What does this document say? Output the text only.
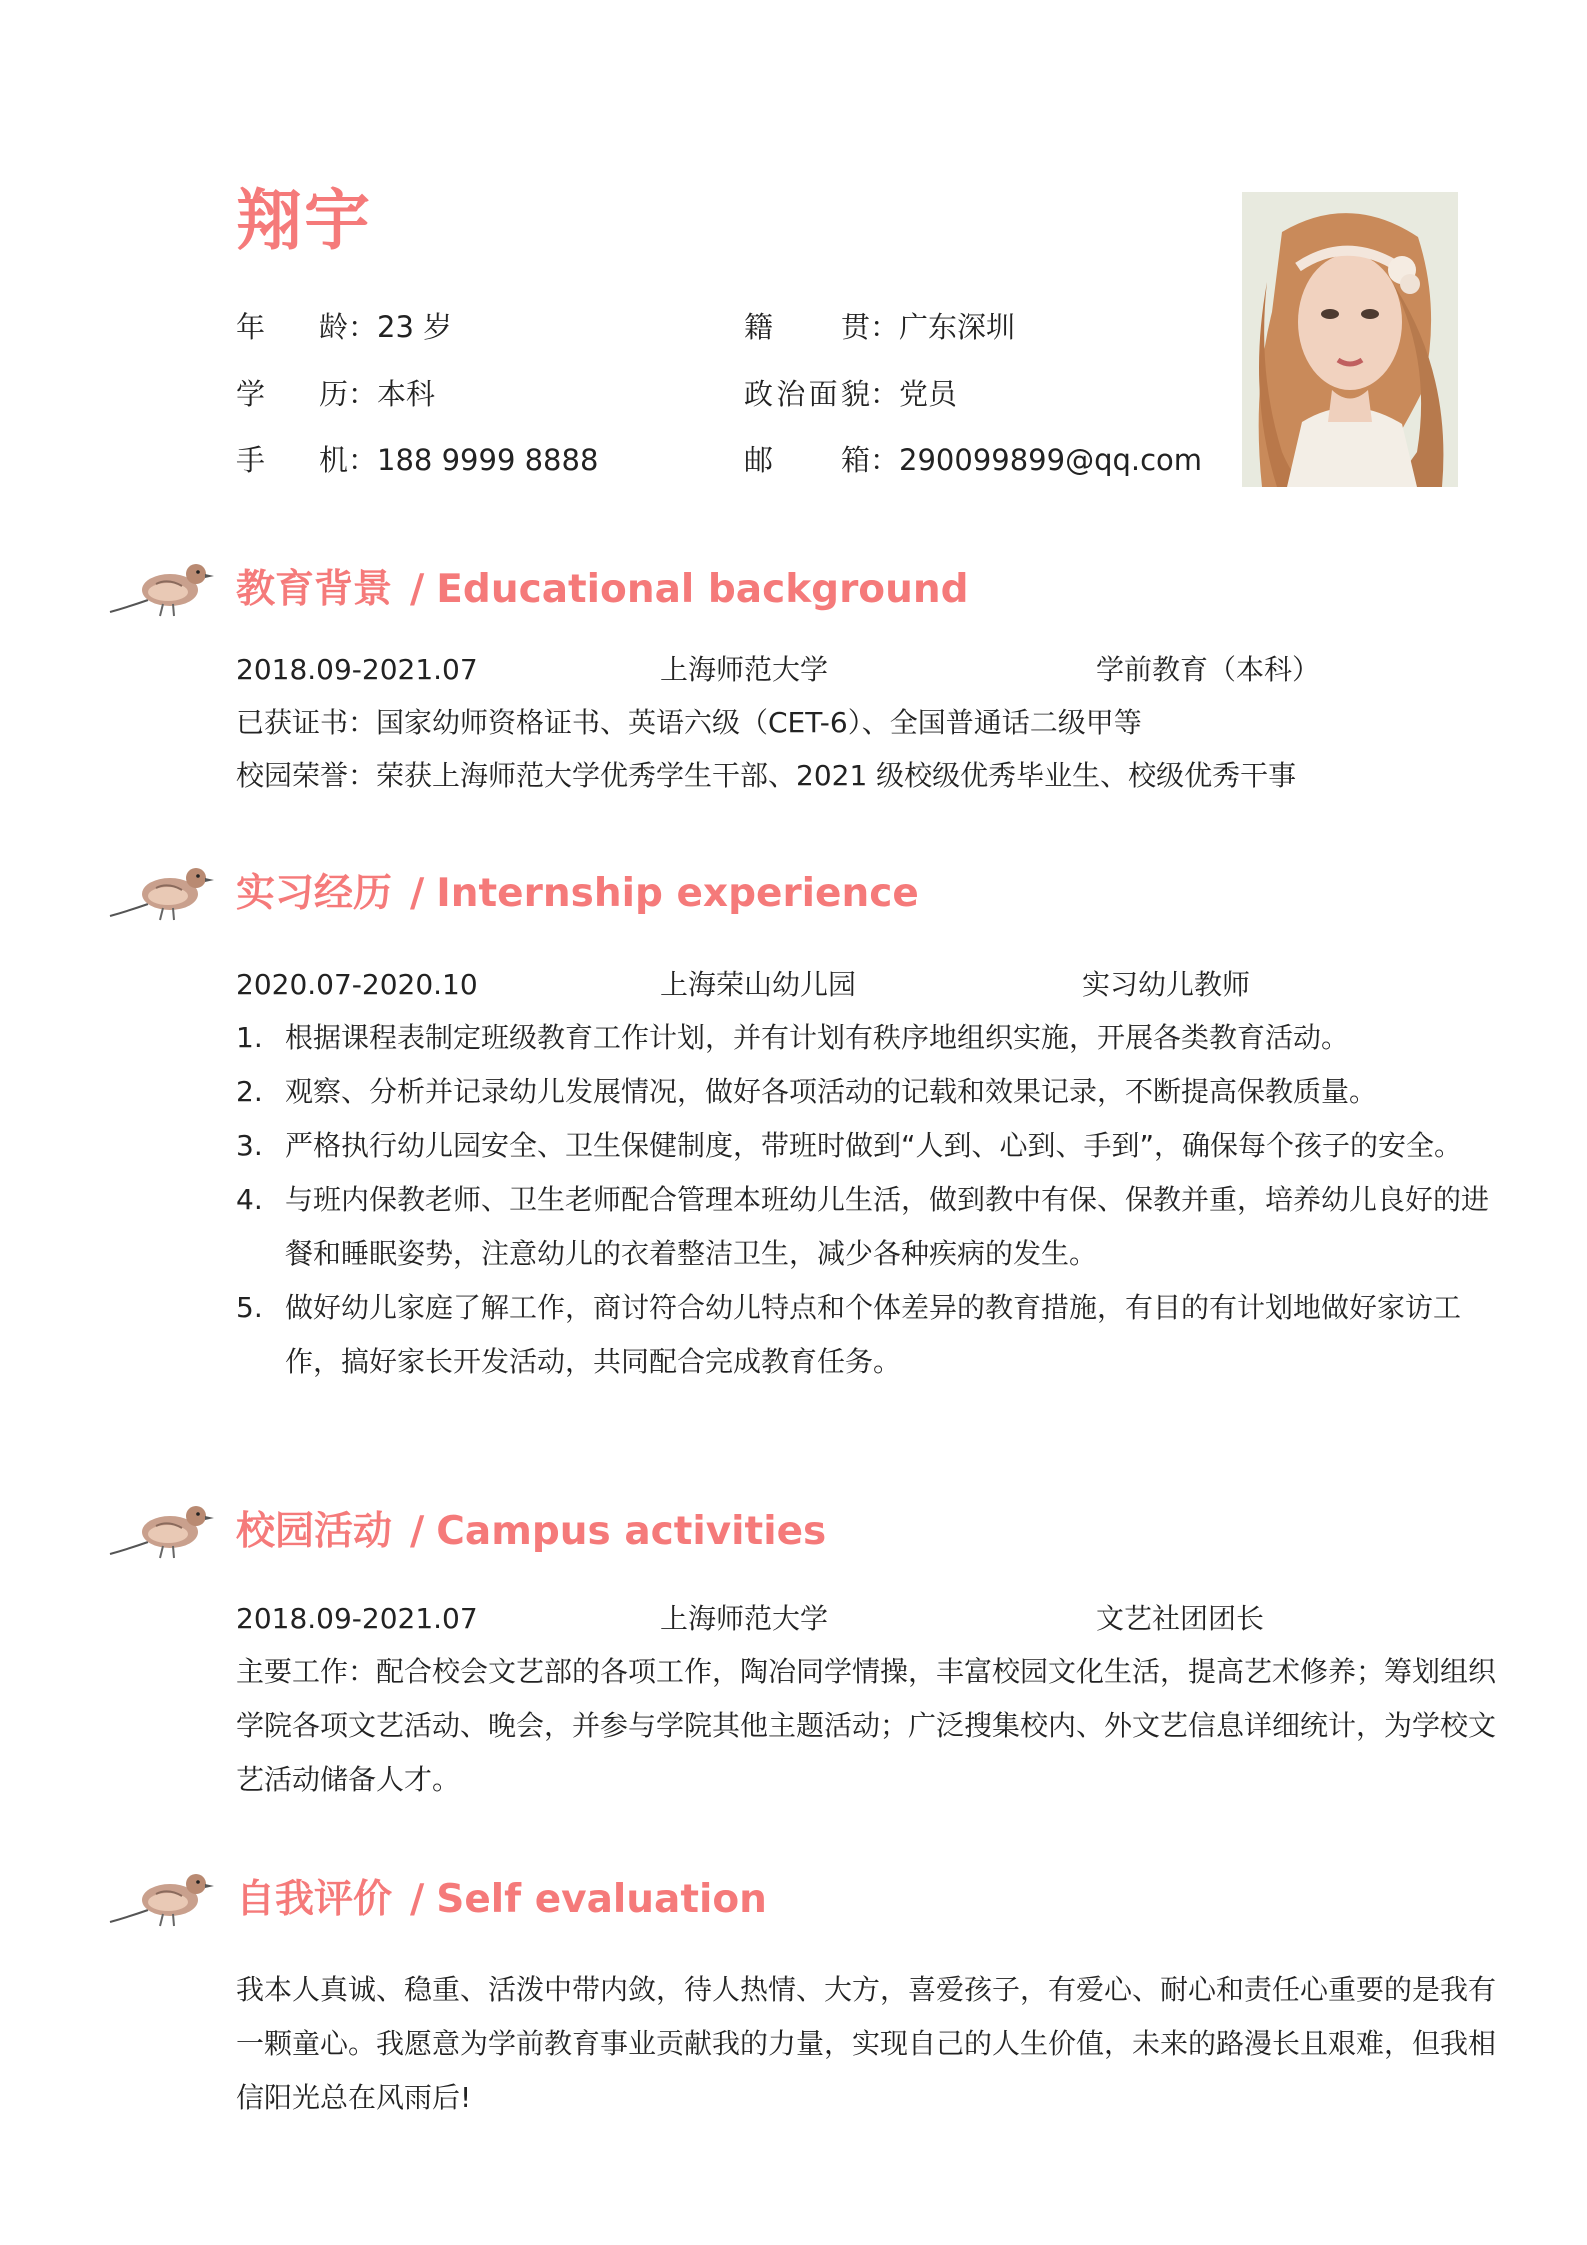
翔宇
年　龄：23 岁	籍　贯：广东深圳
学　历：本科	政治面貌：党员
手　机：188 9999 8888	邮　箱：290099899@qq.com
教育背景 / Educational background
2018.09-2021.07	上海师范大学	学前教育（本科）
已获证书：国家幼师资格证书、英语六级（CET-6）、全国普通话二级甲等
校园荣誉：荣获上海师范大学优秀学生干部、2021 级校级优秀毕业生、校级优秀干事
实习经历 / Internship experience
2020.07-2020.10	上海荣山幼儿园	实习幼儿教师
1. 根据课程表制定班级教育工作计划，并有计划有秩序地组织实施，开展各类教育活动。
2. 观察、分析并记录幼儿发展情况，做好各项活动的记载和效果记录，不断提高保教质量。
3. 严格执行幼儿园安全、卫生保健制度，带班时做到“人到、心到、手到”，确保每个孩子的安全。
4. 与班内保教老师、卫生老师配合管理本班幼儿生活，做到教中有保、保教并重，培养幼儿良好的进餐和睡眠姿势，注意幼儿的衣着整洁卫生，减少各种疾病的发生。
5. 做好幼儿家庭了解工作，商讨符合幼儿特点和个体差异的教育措施，有目的有计划地做好家访工作，搞好家长开发活动，共同配合完成教育任务。
校园活动 / Campus activities
2018.09-2021.07	上海师范大学	文艺社团团长
主要工作：配合校会文艺部的各项工作，陶冶同学情操，丰富校园文化生活，提高艺术修养；筹划组织学院各项文艺活动、晚会，并参与学院其他主题活动；广泛搜集校内、外文艺信息详细统计，为学校文艺活动储备人才。
自我评价 / Self evaluation
我本人真诚、稳重、活泼中带内敛，待人热情、大方，喜爱孩子，有爱心、耐心和责任心重要的是我有一颗童心。我愿意为学前教育事业贡献我的力量，实现自己的人生价值，未来的路漫长且艰难，但我相信阳光总在风雨后!
